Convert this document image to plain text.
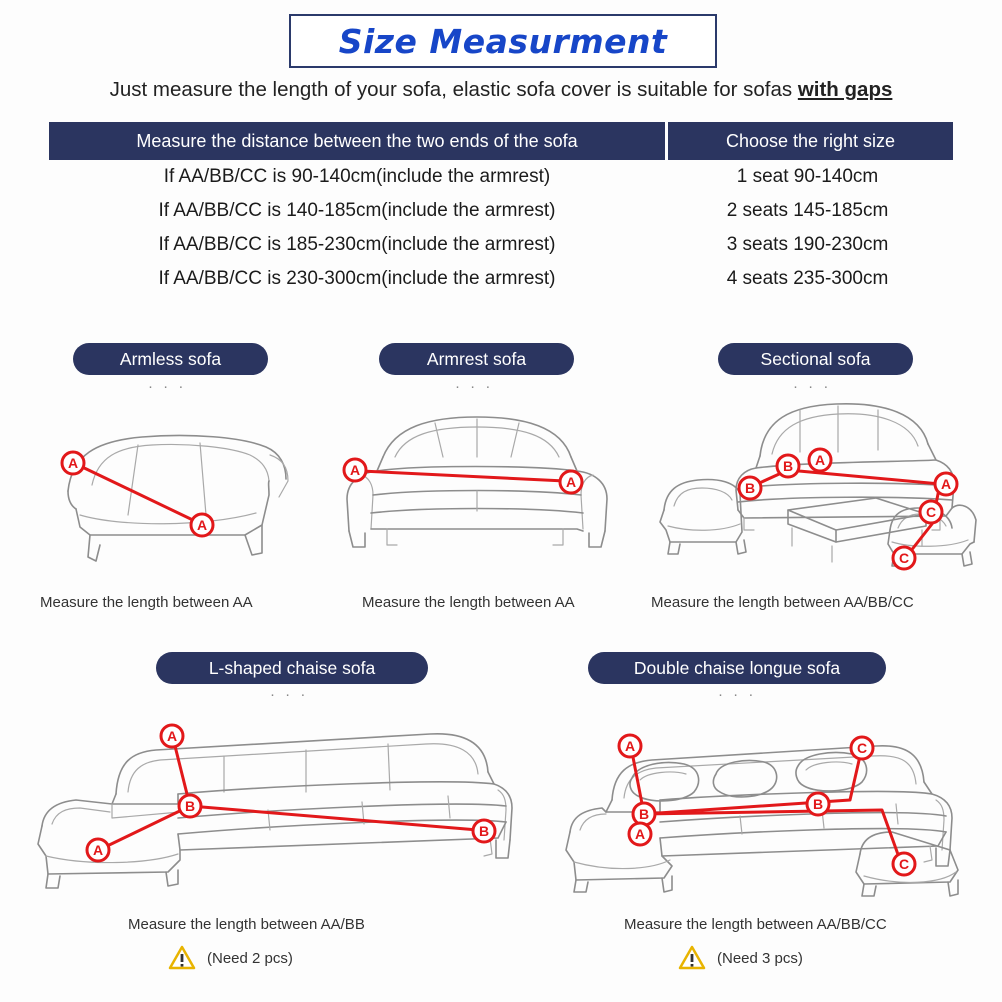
Size Measurment
Just measure the length of your sofa, elastic sofa cover is suitable for sofas with gaps
Measure the distance between the two ends of the sofa	Choose the right size
If AA/BB/CC is 90-140cm(include the armrest)	1 seat 90-140cm
If AA/BB/CC is 140-185cm(include the armrest)	2 seats 145-185cm
If AA/BB/CC is 185-230cm(include the armrest)	3 seats 190-230cm
If AA/BB/CC is 230-300cm(include the armrest)	4 seats 235-300cm
Armless sofa
· · ·
A
A
Measure the length between AA
Armrest sofa
· · ·
A
A
Measure the length between AA
Sectional sofa
· · ·
B A
A
B
C
C
Measure the length between AA/BB/CC
L-shaped chaise sofa
· · ·
A
B
B
A
Measure the length between AA/BB
(Need 2 pcs)
Double chaise longue sofa
· · ·
A	C
B
A
B
C
Measure the length between AA/BB/CC
(Need 3 pcs)
